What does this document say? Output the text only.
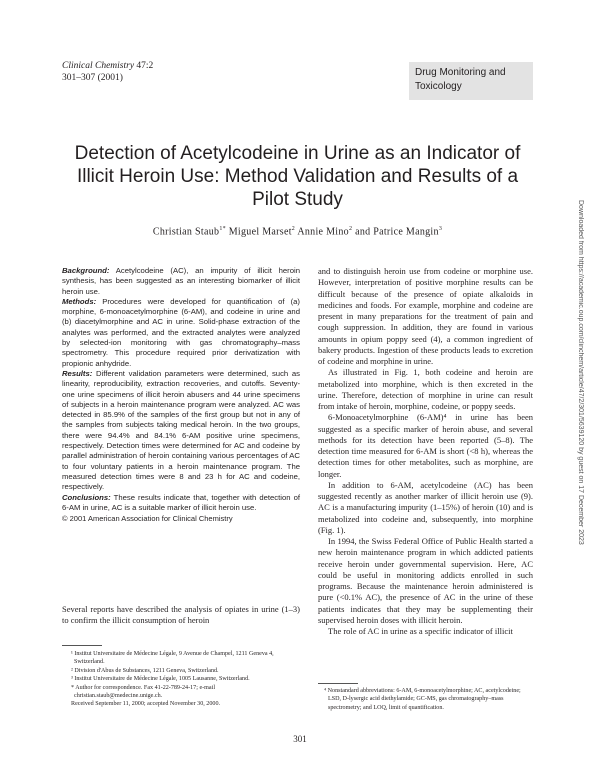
Clinical Chemistry 47:2
301–307 (2001)	Drug Monitoring and Toxicology
Detection of Acetylcodeine in Urine as an Indicator of Illicit Heroin Use: Method Validation and Results of a Pilot Study
Christian Staub$^{1*}$ Miguel Marset$^2$ Annie Mino$^2$ and Patrice Mangin$^3$	Downloaded from https://academic.oup.com/clinchem/article/47/2/301/5639120 by guest on 17 December 2023

Background: Acetylcodeine (AC), an impurity of illicit heroin synthesis, has been suggested as an interesting biomarker of illicit heroin use.

Methods: Procedures were developed for quantification of (a) morphine, 6-monoacetylmorphine (6-AM), and codeine in urine and (b) diacetylmorphine and AC in urine. Solid-phase extraction of the analytes was performed, and the extracted analytes were analyzed by selected-ion monitoring with gas chromatography–mass spectrometry. This procedure required prior derivatization with propionic anhydride.

Results: Different validation parameters were determined, such as linearity, reproducibility, extraction recoveries, and cutoffs. Seventy-one urine specimens of illicit heroin abusers and 44 urine specimens of subjects in a heroin maintenance program were analyzed. AC was detected in 85.9% of the samples of the first group but not in any of the samples from subjects taking medical heroin. In the two groups, there were 94.4% and 84.1% 6-AM positive urine specimens, respectively. Detection times were determined for AC and codeine by parallel administration of heroin containing various percentages of AC to four voluntary patients in a heroin maintenance program. The measured detection times were 8 and 23 h for AC and codeine, respectively.

Conclusions: These results indicate that, together with detection of 6-AM in urine, AC is a suitable marker of illicit heroin use.

© 2001 American Association for Clinical Chemistry

Several reports have described the analysis of opiates in urine (1–3) to confirm the illicit consumption of heroin

¹ Institut Universitaire de Médecine Légale, 9 Avenue de Champel, 1211 Geneva 4, Switzerland.

² Division d'Abus de Substances, 1211 Geneva, Switzerland.

³ Institut Universitaire de Médecine Légale, 1005 Lausanne, Switzerland.

* Author for correspondence. Fax 41-22-789-24-17; e-mail christian.staub@medecine.unige.ch.

Received September 11, 2000; accepted November 30, 2000.

and to distinguish heroin use from codeine or morphine use. However, interpretation of positive morphine results can be difficult because of the presence of opiate alkaloids in medicines and foods. For example, morphine and codeine are present in many preparations for the treatment of pain and cough suppression. In addition, they are found in various amounts in opium poppy seed (4), a common ingredient of bakery products. Ingestion of these products leads to excretion of codeine and morphine in urine.

As illustrated in Fig. 1, both codeine and heroin are metabolized into morphine, which is then excreted in the urine. Therefore, detection of morphine in urine can result from intake of heroin, morphine, codeine, or poppy seeds.

6-Monoacetylmorphine (6-AM)⁴ in urine has been suggested as a specific marker of heroin abuse, and several methods for its detection have been reported (5–8). The detection time measured for 6-AM is short (<8 h), whereas the detection times for other metabolites, such as morphine, are longer.

In addition to 6-AM, acetylcodeine (AC) has been suggested recently as another marker of illicit heroin use (9). AC is a manufacturing impurity (1–15%) of heroin (10) and is metabolized into codeine and, subsequently, into morphine (Fig. 1).

In 1994, the Swiss Federal Office of Public Health started a new heroin maintenance program in which addicted patients receive heroin under governmental supervision. Here, AC could be useful in monitoring addicts enrolled in such programs. Because the maintenance heroin administered is pure (<0.1% AC), the presence of AC in the urine of these patients indicates that they may be supplementing their supervised heroin doses with illicit heroin.

The role of AC in urine as a specific indicator of illicit

⁴ Nonstandard abbreviations: 6-AM, 6-monoacetylmorphine; AC, acetylcodeine; LSD, D-lysergic acid diethylamide; GC-MS, gas chromatography–mass spectrometry; and LOQ, limit of quantification.
301
